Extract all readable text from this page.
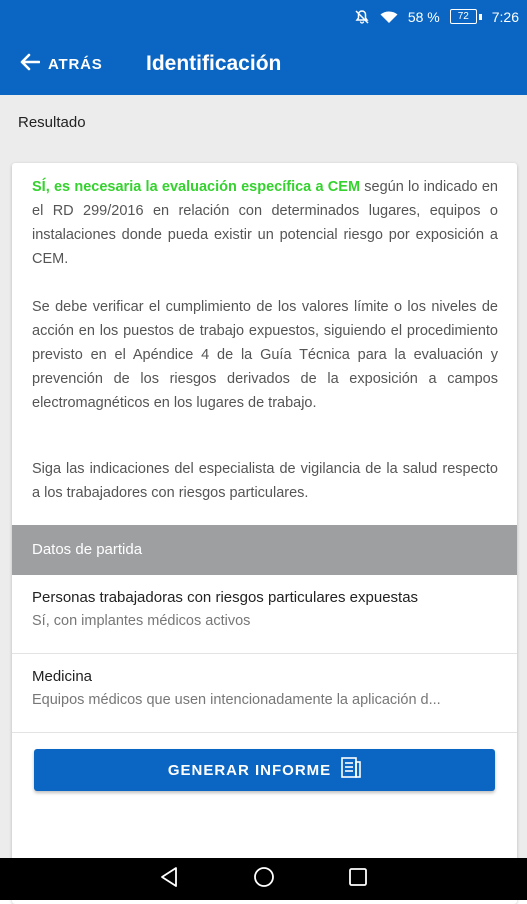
58 %	72	7:26
ATRÁS Identificación
Resultado
SÍ, es necesaria la evaluación específica a CEM según lo indicado en el RD 299/2016 en relación con determinados lugares, equipos o instalaciones donde pueda existir un potencial riesgo por exposición a CEM.
Se debe verificar el cumplimiento de los valores límite o los niveles de acción en los puestos de trabajo expuestos, siguiendo el procedimiento previsto en el Apéndice 4 de la Guía Técnica para la evaluación y prevención de los riesgos derivados de la exposición a campos electromagnéticos en los lugares de trabajo.
Siga las indicaciones del especialista de vigilancia de la salud respecto a los trabajadores con riesgos particulares.
Datos de partida
Personas trabajadoras con riesgos particulares expuestas
Sí, con implantes médicos activos
Medicina
Equipos médicos que usen intencionadamente la aplicación d...
GENERAR INFORME
